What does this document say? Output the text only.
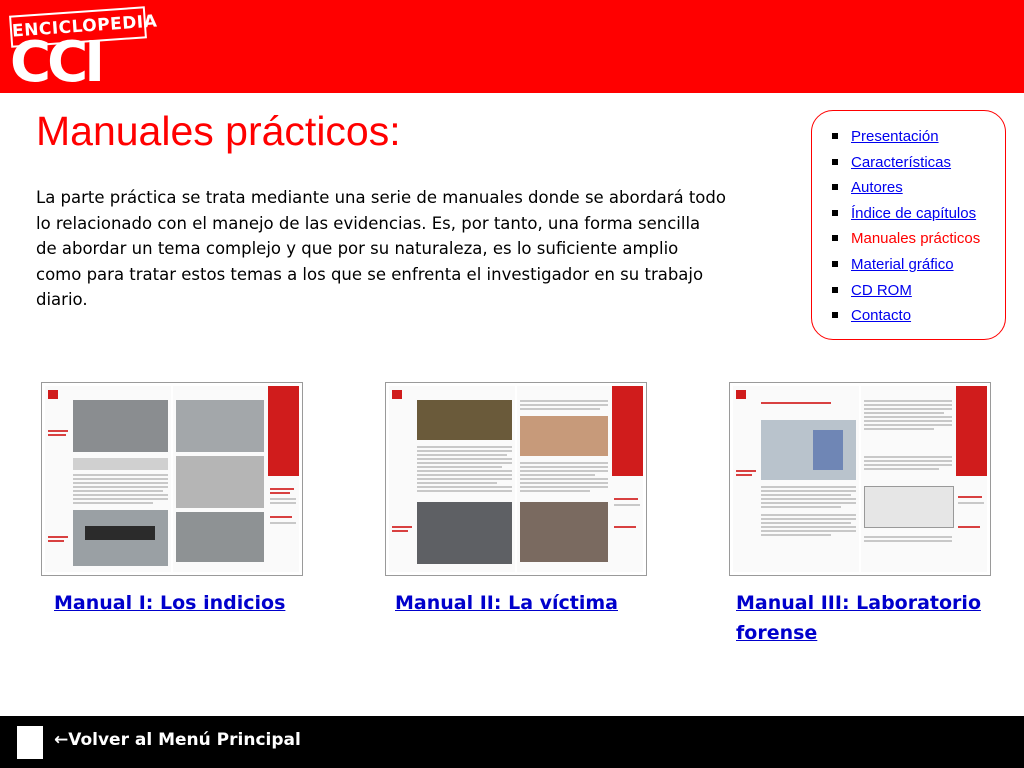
ENCICLOPEDIA
CCI
Manuales prácticos:

La parte práctica se trata mediante una serie de manuales donde se abordará todo lo relacionado con el manejo de las evidencias. Es, por tanto, una forma sencilla de abordar un tema complejo y que por su naturaleza, es lo suficiente amplio como para tratar estos temas a los que se enfrenta el investigador en su trabajo diario.

Presentación
Características
Autores
Índice de capítulos
Manuales prácticos
Material gráfico
CD ROM
Contacto
Manual I: Los indicios	Manual II: La víctima	Manual III: Laboratorio forense
←Volver al Menú Principal
